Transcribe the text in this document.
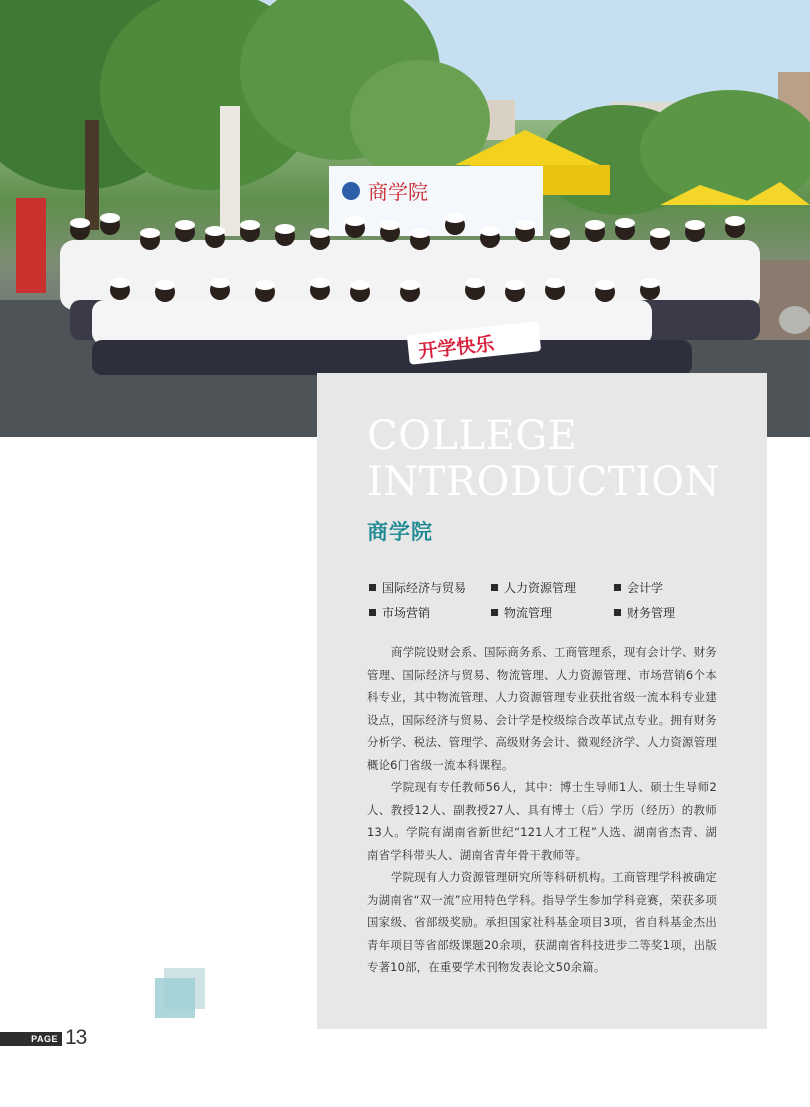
商学院
开学快乐
COLLEGE
INTRODUCTION
商学院
国际经济与贸易	人力资源管理	会计学
市场营销	物流管理	财务管理

商学院设财会系、国际商务系、工商管理系，现有会计学、财务管理、国际经济与贸易、物流管理、人力资源管理、市场营销6个本科专业，其中物流管理、人力资源管理专业获批省级一流本科专业建设点，国际经济与贸易、会计学是校级综合改革试点专业。拥有财务分析学、税法、管理学、高级财务会计、微观经济学、人力资源管理概论6门省级一流本科课程。

学院现有专任教师56人，其中：博士生导师1人、硕士生导师2人、教授12人、副教授27人、具有博士（后）学历（经历）的教师13人。学院有湖南省新世纪“121人才工程”人选、湖南省杰青、湖南省学科带头人、湖南省青年骨干教师等。

学院现有人力资源管理研究所等科研机构。工商管理学科被确定为湖南省“双一流”应用特色学科。指导学生参加学科竞赛，荣获多项国家级、省部级奖励。承担国家社科基金项目3项，省自科基金杰出青年项目等省部级课题20余项，获湖南省科技进步二等奖1项，出版专著10部，在重要学术刊物发表论文50余篇。

PAGE 13
